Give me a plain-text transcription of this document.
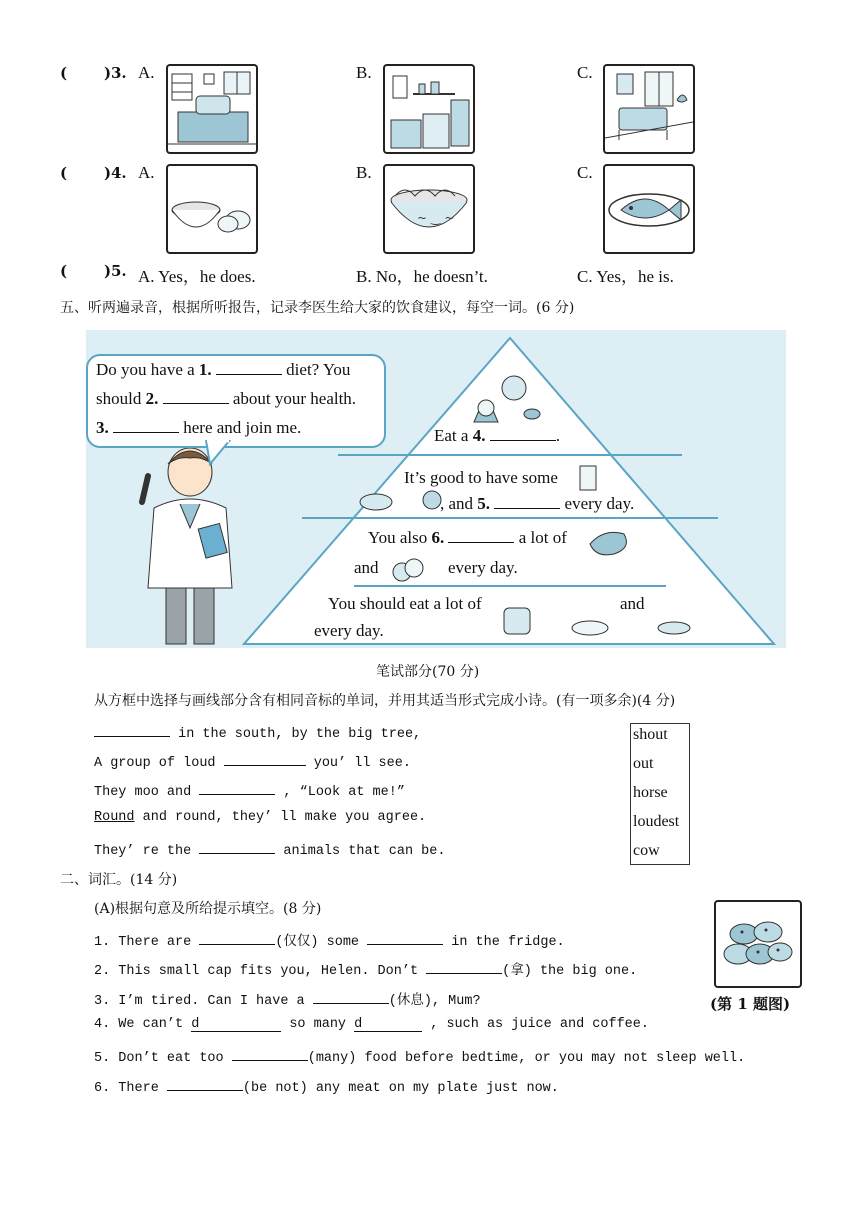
( ) 3. A.	B.	C.
( ) 4. A.	B.	C.
~ ‿ ~
( ) 5. A. Yes，he does.	B. No，he doesn’t.	C. Yes，he is.
五、听两遍录音，根据所听报告，记录李医生给大家的饮食建议，每空一词。(6 分)
Do you have a 1.	diet? You
should 2.	about your health.
3.	here and join me.	Eat a 4.	.
It’s good to have some
, and 5.	every day.
You also 6.	a lot of
and	every day.
You should eat a lot of	and
every day.
笔试部分(70 分)
从方框中选择与画线部分含有相同音标的单词，并用其适当形式完成小诗。(有一项多余)(4 分)
in the south, by the big tree,
A group of loud	you’ ll see.
They moo and	, “Look at me!”
Round and round, they’ ll make you agree.
They’ re the	animals that can be.
shout
out
horse
loudest
cow
二、词汇。(14 分)
(A)根据句意及所给提示填空。(8 分)
1. There are	(仅仅) some	in the fridge.
2. This small cap fits you, Helen. Don’t	(拿) the big one.
3. I’m tired. Can I have a	(休息), Mum?
4. We can’t d	so many d	, such as juice and coffee.
5. Don’t eat too	(many) food before bedtime, or you may not sleep well.
6. There	(be not) any meat on my plate just now.
(第 1 题图)
